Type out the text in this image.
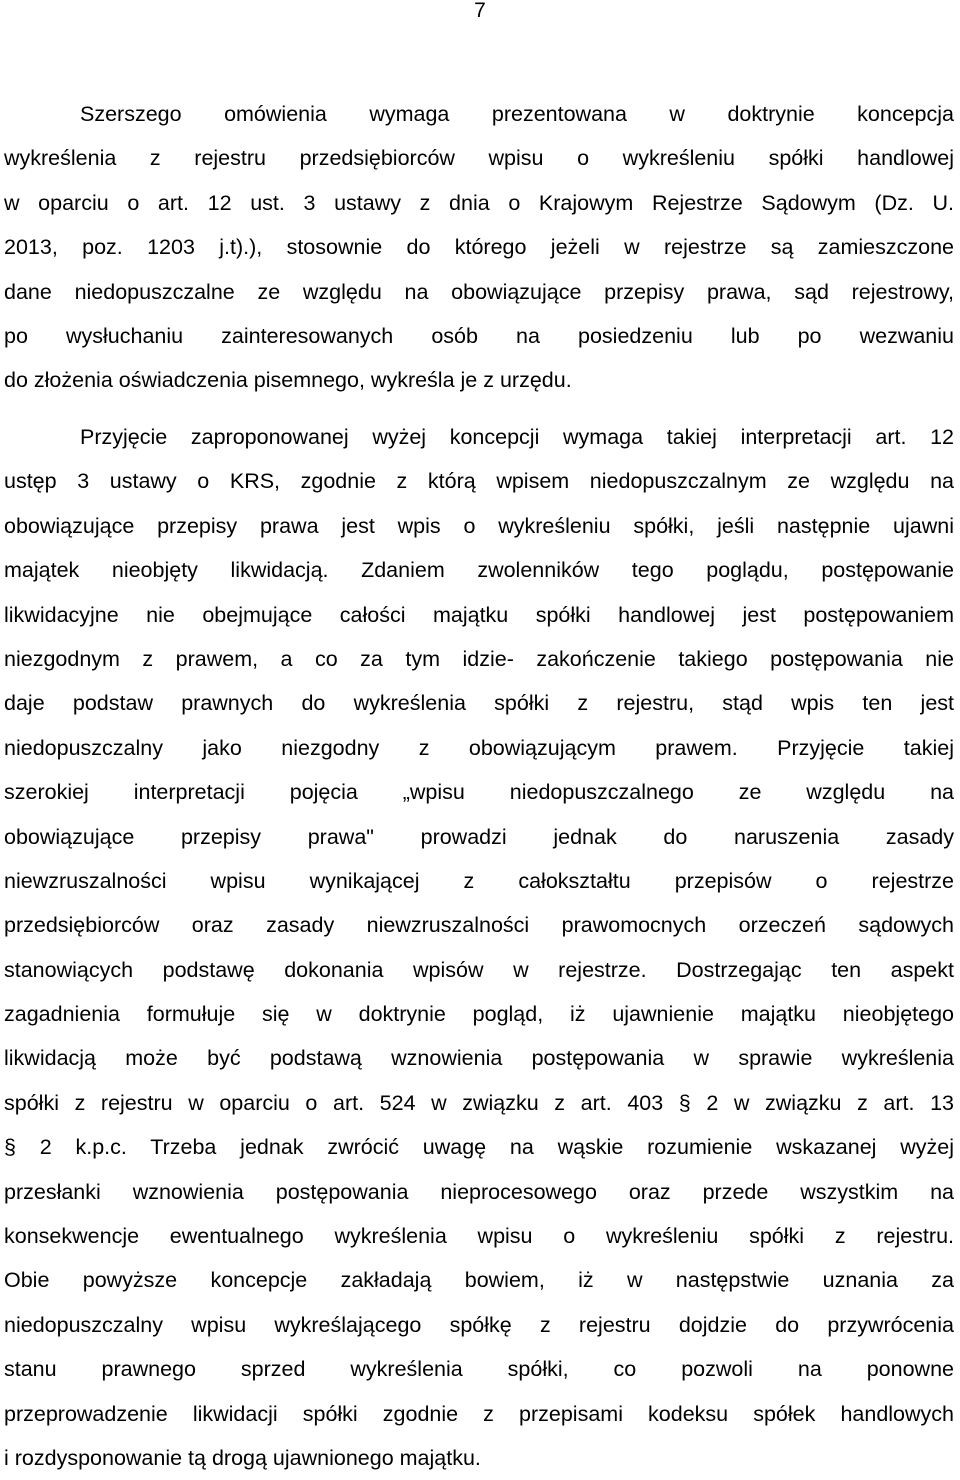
7
Szerszego omówienia wymaga prezentowana w doktrynie koncepcja
wykreślenia z rejestru przedsiębiorców wpisu o wykreśleniu spółki handlowej
w oparciu o art. 12 ust. 3 ustawy z dnia o Krajowym Rejestrze Sądowym (Dz. U.
2013, poz. 1203 j.t).), stosownie do którego jeżeli w rejestrze są zamieszczone
dane niedopuszczalne ze względu na obowiązujące przepisy prawa, sąd rejestrowy,
po wysłuchaniu zainteresowanych osób na posiedzeniu lub po wezwaniu
do złożenia oświadczenia pisemnego, wykreśla je z urzędu.
Przyjęcie zaproponowanej wyżej koncepcji wymaga takiej interpretacji art. 12
ustęp 3 ustawy o KRS, zgodnie z którą wpisem niedopuszczalnym ze względu na
obowiązujące przepisy prawa jest wpis o wykreśleniu spółki, jeśli następnie ujawni
majątek nieobjęty likwidacją. Zdaniem zwolenników tego poglądu, postępowanie
likwidacyjne nie obejmujące całości majątku spółki handlowej jest postępowaniem
niezgodnym z prawem, a co za tym idzie- zakończenie takiego postępowania nie
daje podstaw prawnych do wykreślenia spółki z rejestru, stąd wpis ten jest
niedopuszczalny jako niezgodny z obowiązującym prawem. Przyjęcie takiej
szerokiej interpretacji pojęcia „wpisu niedopuszczalnego ze względu na
obowiązujące przepisy prawa" prowadzi jednak do naruszenia zasady
niewzruszalności wpisu wynikającej z całokształtu przepisów o rejestrze
przedsiębiorców oraz zasady niewzruszalności prawomocnych orzeczeń sądowych
stanowiących podstawę dokonania wpisów w rejestrze. Dostrzegając ten aspekt
zagadnienia formułuje się w doktrynie pogląd, iż ujawnienie majątku nieobjętego
likwidacją może być podstawą wznowienia postępowania w sprawie wykreślenia
spółki z rejestru w oparciu o art. 524 w związku z art. 403 § 2 w związku z art. 13
§ 2 k.p.c. Trzeba jednak zwrócić uwagę na wąskie rozumienie wskazanej wyżej
przesłanki wznowienia postępowania nieprocesowego oraz przede wszystkim na
konsekwencje ewentualnego wykreślenia wpisu o wykreśleniu spółki z rejestru.
Obie powyższe koncepcje zakładają bowiem, iż w następstwie uznania za
niedopuszczalny wpisu wykreślającego spółkę z rejestru dojdzie do przywrócenia
stanu prawnego sprzed wykreślenia spółki, co pozwoli na ponowne
przeprowadzenie likwidacji spółki zgodnie z przepisami kodeksu spółek handlowych
i rozdysponowanie tą drogą ujawnionego majątku.
